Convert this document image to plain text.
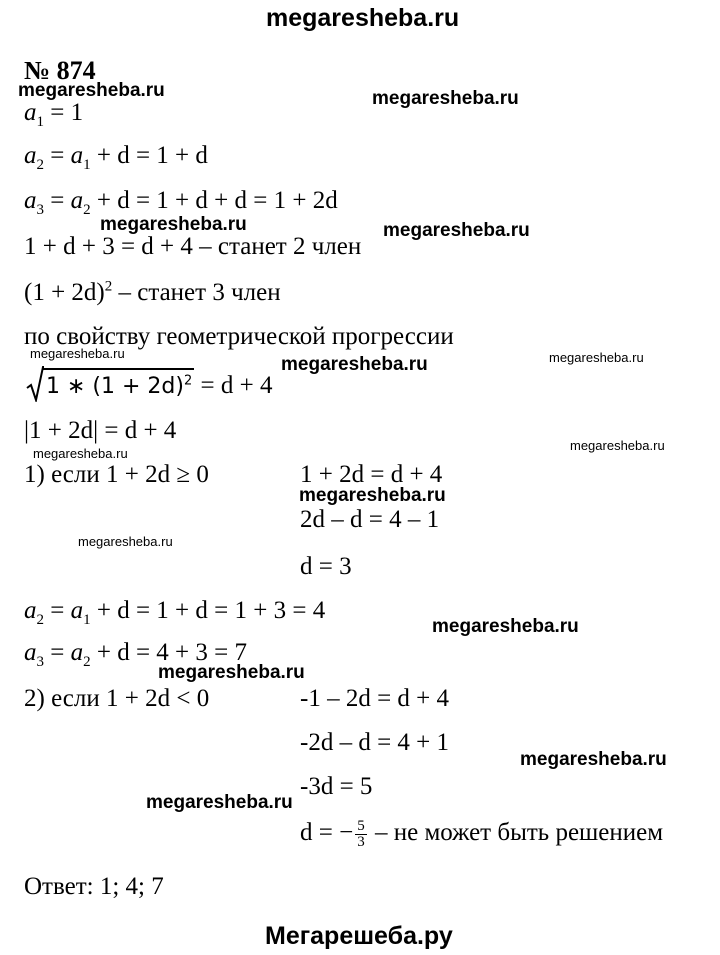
megaresheba.ru
№ 874
$a_1 = 1$
$a_2 = a_1 + d = 1 + d$
$a_3 = a_2 + d = 1 + d + d = 1 + 2d$
1 + d + 3 = d + 4 – станет 2 член
$(1 + 2d)^2$ – станет 3 член
по свойству геометрической прогрессии
1 ∗ $(1 + 2d)^2 = d + 4$
|1 + 2d| = d + 4
1) если 1 + 2d ≥ 0	1 + 2d = d + 4
2d – d = 4 – 1
d = 3
$a_2 = a_1 + d = 1 + d = 1 + 3 = 4$
$a_3 = a_2 + d = 4 + 3 = 7$
2) если 1 + 2d < 0	-1 – 2d = d + 4
-2d – d = 4 + 1
-3d = 5
d = − $\frac{5}{3}$ – не может быть решением
Ответ: 1; 4; 7
Мегарешеба.ру
megaresheba.ru	megaresheba.ru
megaresheba.ru	megaresheba.ru
megaresheba.ru
megaresheba.ru	megaresheba.ru
megaresheba.ru
megaresheba.ru
megaresheba.ru
megaresheba.ru
megaresheba.ru
megaresheba.ru
megaresheba.ru
megaresheba.ru
